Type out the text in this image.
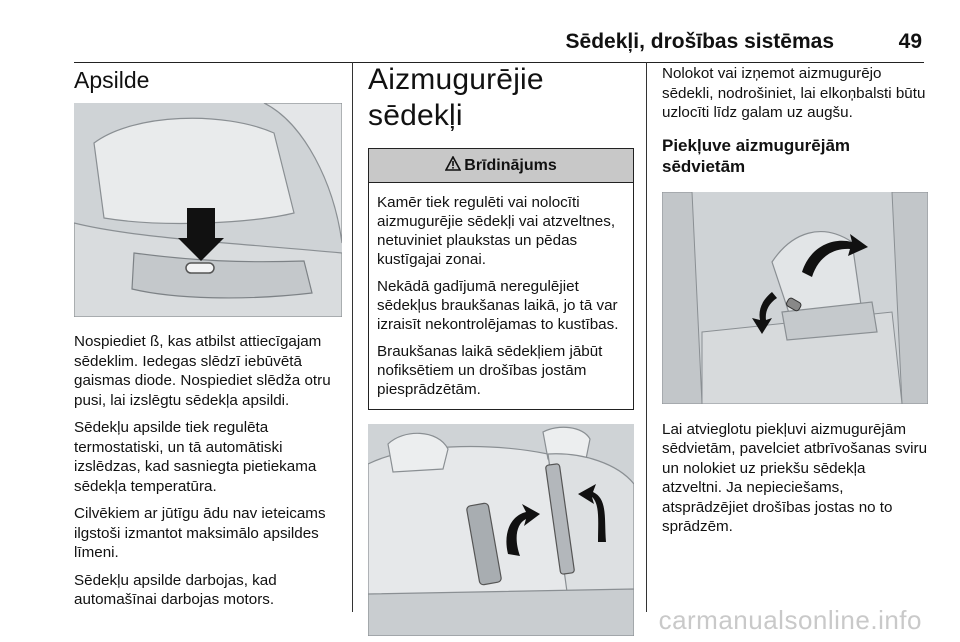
Sēdekļi, drošības sistēmas	49
Apsilde

Nospiediet ß, kas atbilst attiecīgajam sēdeklim. Iedegas slēdzī iebūvētā gaismas diode. Nospiediet slēdža otru pusi, lai izslēgtu sēdekļa apsildi.

Sēdekļu apsilde tiek regulēta termostatiski, un tā automātiski izslēdzas, kad sasniegta pietiekama sēdekļa temperatūra.

Cilvēkiem ar jūtīgu ādu nav ieteicams ilgstoši izmantot maksimālo apsildes līmeni.

Sēdekļu apsilde darbojas, kad automašīnai darbojas motors.

Aizmugurējie sēdekļi
Brīdinājums

Kamēr tiek regulēti vai nolocīti aizmugurējie sēdekļi vai atzveltnes, netuviniet plaukstas un pēdas kustīgajai zonai.

Nekādā gadījumā neregulējiet sēdekļus braukšanas laikā, jo tā var izraisīt nekontrolējamas to kustības.

Braukšanas laikā sēdekļiem jābūt nofiksētiem un drošības jostām piesprādzētām.

Nolokot vai izņemot aizmugurējo sēdekli, nodrošiniet, lai elkoņbalsti būtu uzlocīti līdz galam uz augšu.

Piekļuve aizmugurējām sēdvietām

Lai atvieglotu piekļuvi aizmugurējām sēdvietām, pavelciet atbrīvošanas sviru un nolokiet uz priekšu sēdekļa atzveltni. Ja nepieciešams, atsprādzējiet drošības jostas no to sprādzēm.

carmanualsonline.info
